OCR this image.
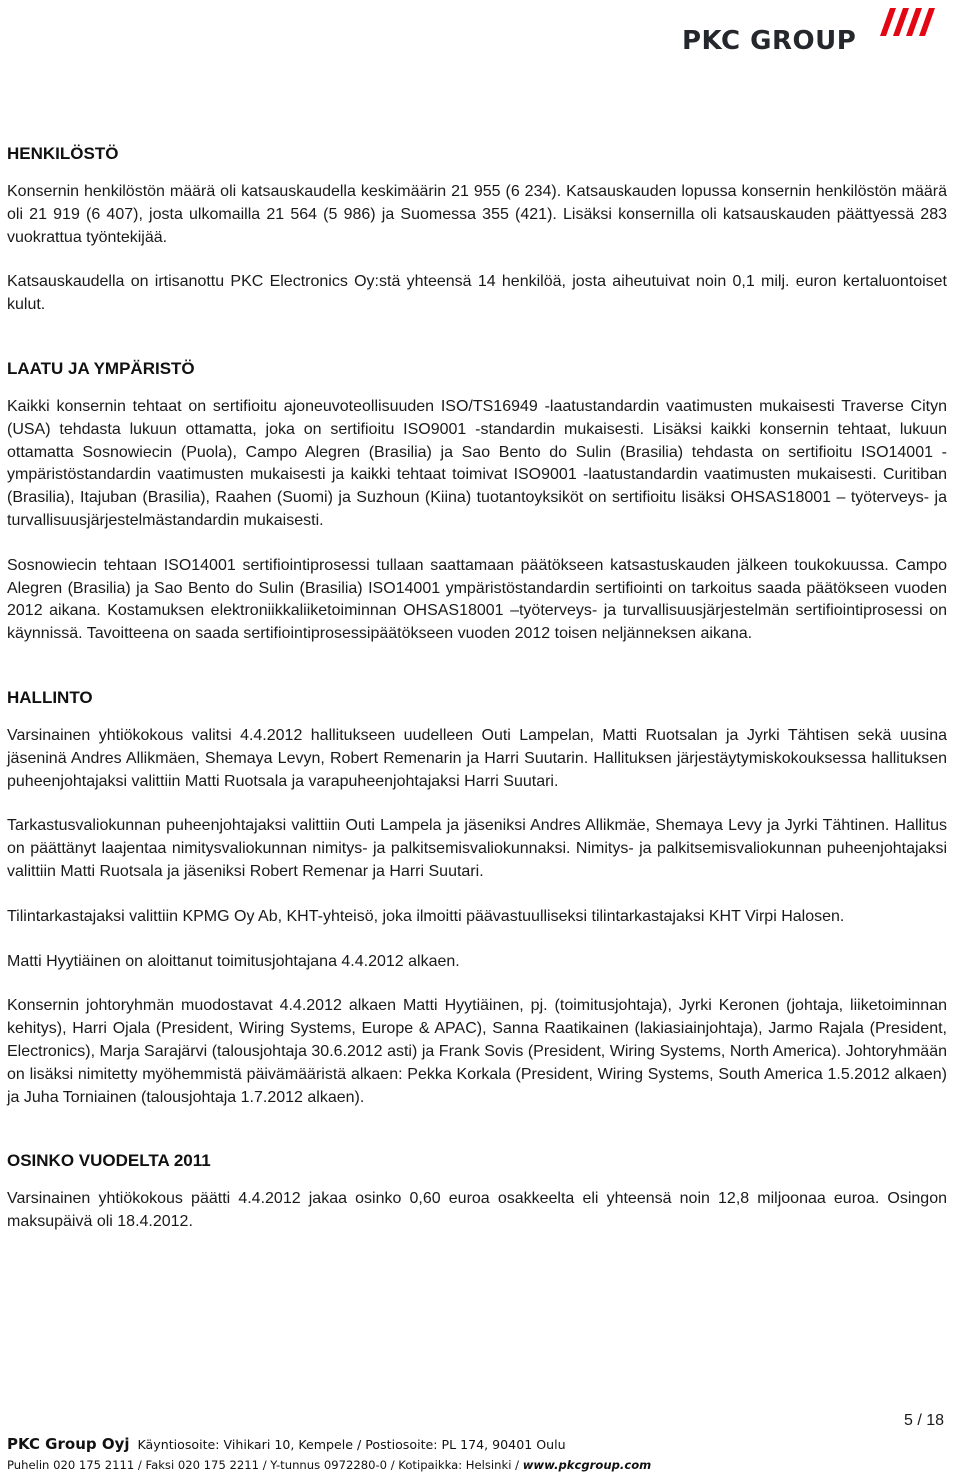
PKC GROUP
HENKILÖSTÖ

Konsernin henkilöstön määrä oli katsauskaudella keskimäärin 21 955 (6 234). Katsauskauden lopussa konsernin henkilöstön määrä oli 21 919 (6 407), josta ulkomailla 21 564 (5 986) ja Suomessa 355 (421). Lisäksi konsernilla oli katsauskauden päättyessä 283 vuokrattua työntekijää.

Katsauskaudella on irtisanottu PKC Electronics Oy:stä yhteensä 14 henkilöä, josta aiheutuivat noin 0,1 milj. euron kertaluontoiset kulut.

LAATU JA YMPÄRISTÖ

Kaikki konsernin tehtaat on sertifioitu ajoneuvoteollisuuden ISO/TS16949 -laatustandardin vaatimusten mukaisesti Traverse Cityn (USA) tehdasta lukuun ottamatta, joka on sertifioitu ISO9001 -standardin mukaisesti. Lisäksi kaikki konsernin tehtaat, lukuun ottamatta Sosnowiecin (Puola), Campo Alegren (Brasilia) ja Sao Bento do Sulin (Brasilia) tehdasta on sertifioitu ISO14001 -ympäristöstandardin vaatimusten mukaisesti ja kaikki tehtaat toimivat ISO9001 -laatustandardin vaatimusten mukaisesti. Curitiban (Brasilia), Itajuban (Brasilia), Raahen (Suomi) ja Suzhoun (Kiina) tuotantoyksiköt on sertifioitu lisäksi OHSAS18001 – työterveys- ja turvallisuusjärjestelmästandardin mukaisesti.

Sosnowiecin tehtaan ISO14001 sertifiointiprosessi tullaan saattamaan päätökseen katsastuskauden jälkeen toukokuussa. Campo Alegren (Brasilia) ja Sao Bento do Sulin (Brasilia) ISO14001 ympäristöstandardin sertifiointi on tarkoitus saada päätökseen vuoden 2012 aikana. Kostamuksen elektroniikkaliiketoiminnan OHSAS18001 –työterveys- ja turvallisuusjärjestelmän sertifiointiprosessi on käynnissä. Tavoitteena on saada sertifiointiprosessipäätökseen vuoden 2012 toisen neljänneksen aikana.

HALLINTO

Varsinainen yhtiökokous valitsi 4.4.2012 hallitukseen uudelleen Outi Lampelan, Matti Ruotsalan ja Jyrki Tähtisen sekä uusina jäseninä Andres Allikmäen, Shemaya Levyn, Robert Remenarin ja Harri Suutarin. Hallituksen järjestäytymiskokouksessa hallituksen puheenjohtajaksi valittiin Matti Ruotsala ja varapuheenjohtajaksi Harri Suutari.

Tarkastusvaliokunnan puheenjohtajaksi valittiin Outi Lampela ja jäseniksi Andres Allikmäe, Shemaya Levy ja Jyrki Tähtinen. Hallitus on päättänyt laajentaa nimitysvaliokunnan nimitys- ja palkitsemisvaliokunnaksi. Nimitys- ja palkitsemisvaliokunnan puheenjohtajaksi valittiin Matti Ruotsala ja jäseniksi Robert Remenar ja Harri Suutari.

Tilintarkastajaksi valittiin KPMG Oy Ab, KHT-yhteisö, joka ilmoitti päävastuulliseksi tilintarkastajaksi KHT Virpi Halosen.

Matti Hyytiäinen on aloittanut toimitusjohtajana 4.4.2012 alkaen.

Konsernin johtoryhmän muodostavat 4.4.2012 alkaen Matti Hyytiäinen, pj. (toimitusjohtaja), Jyrki Keronen (johtaja, liiketoiminnan kehitys), Harri Ojala (President, Wiring Systems, Europe & APAC), Sanna Raatikainen (lakiasiainjohtaja), Jarmo Rajala (President, Electronics), Marja Sarajärvi (talousjohtaja 30.6.2012 asti) ja Frank Sovis (President, Wiring Systems, North America). Johtoryhmään on lisäksi nimitetty myöhemmistä päivämääristä alkaen: Pekka Korkala (President, Wiring Systems, South America 1.5.2012 alkaen) ja Juha Torniainen (talousjohtaja 1.7.2012 alkaen).

OSINKO VUODELTA 2011

Varsinainen yhtiökokous päätti 4.4.2012 jakaa osinko 0,60 euroa osakkeelta eli yhteensä noin 12,8 miljoonaa euroa. Osingon maksupäivä oli 18.4.2012.

5 / 18
PKC Group Oyj Käyntiosoite: Vihikari 10, Kempele / Postiosoite: PL 174, 90401 Oulu
Puhelin 020 175 2111 / Faksi 020 175 2211 / Y-tunnus 0972280-0 / Kotipaikka: Helsinki / www.pkcgroup.com
